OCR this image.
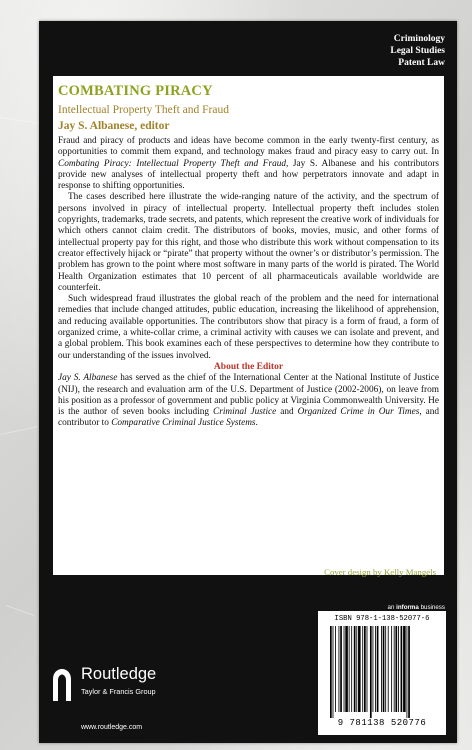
Criminology
Legal Studies
Patent Law
COMBATING PIRACY
Intellectual Property Theft and Fraud
Jay S. Albanese, editor

Fraud and piracy of products and ideas have become common in the early twenty-first century, as opportunities to commit them expand, and technology makes fraud and piracy easy to carry out. In Combating Piracy: Intellectual Property Theft and Fraud, Jay S. Albanese and his contributors provide new analyses of intellectual property theft and how perpetrators innovate and adapt in response to shifting opportunities.

The cases described here illustrate the wide-ranging nature of the activity, and the spectrum of persons involved in piracy of intellectual property. Intellectual property theft includes stolen copyrights, trademarks, trade secrets, and patents, which represent the creative work of individuals for which others cannot claim credit. The distributors of books, movies, music, and other forms of intellectual property pay for this right, and those who distribute this work without compensation to its creator effectively hijack or “pirate” that property without the owner’s or distributor’s permission. The problem has grown to the point where most software in many parts of the world is pirated. The World Health Organization estimates that 10 percent of all pharmaceuticals available worldwide are counterfeit.

Such widespread fraud illustrates the global reach of the problem and the need for international remedies that include changed attitudes, public education, increasing the likelihood of apprehension, and reducing available opportunities. The contributors show that piracy is a form of fraud, a form of organized crime, a white-collar crime, a criminal activity with causes we can isolate and prevent, and a global problem. This book examines each of these perspectives to determine how they contribute to our understanding of the issues involved.

About the Editor

Jay S. Albanese has served as the chief of the International Center at the National Institute of Justice (NIJ), the research and evaluation arm of the U.S. Department of Justice (2002-2006), on leave from his position as a professor of government and public policy at Virginia Commonwealth University. He is the author of seven books including Criminal Justice and Organized Crime in Our Times, and contributor to Comparative Criminal Justice Systems.

Cover design by Kelly Mangels
an informa business
ISBN 978-1-138-52077-6
9 781138 520776
Routledge
Taylor & Francis Group
www.routledge.com
